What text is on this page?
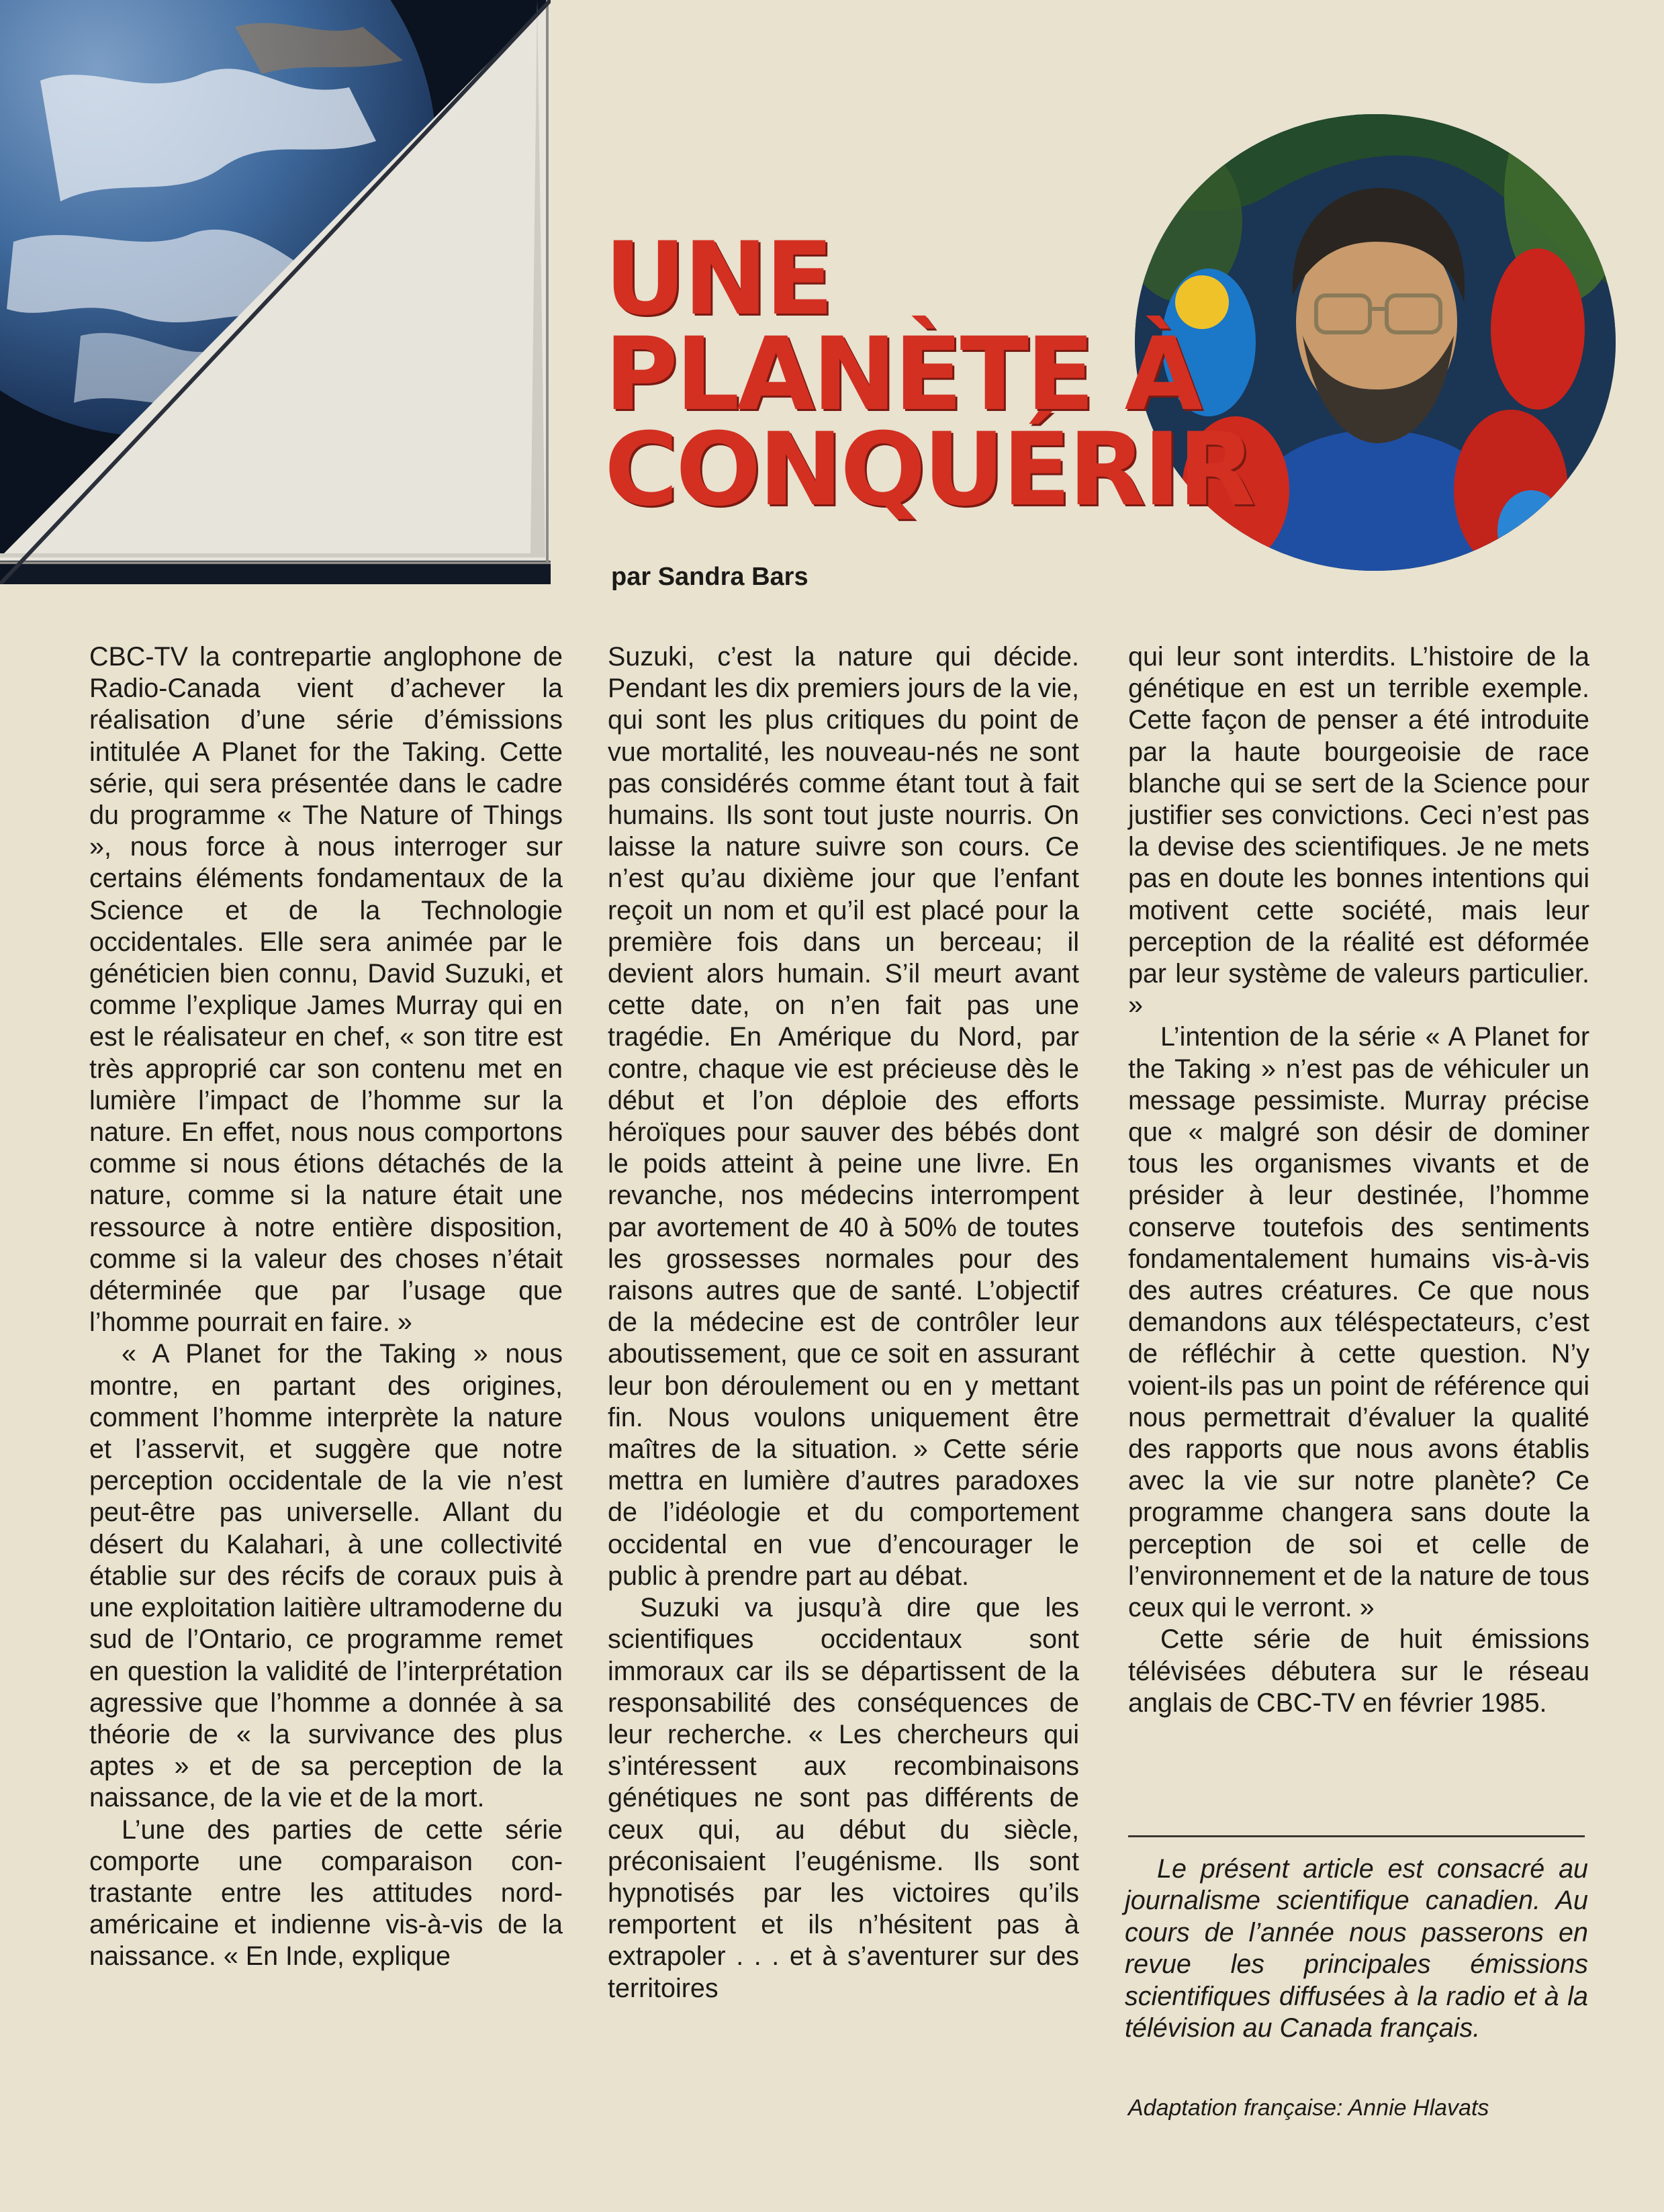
UNE
PLANÈTE À
CONQUÉRIR

par Sandra Bars

CBC-TV la contrepartie anglophone de Radio-Canada vient d’achever la réalisation d’une série d’émissions intitulée A Planet for the Taking. Cette série, qui sera présentée dans le cadre du programme « The Nature of Things », nous force à nous interroger sur certains éléments fondamentaux de la Science et de la Technologie occidentales. Elle sera animée par le généticien bien connu, David Suzuki, et comme l’explique James Murray qui en est le réalisateur en chef, « son titre est très approprié car son contenu met en lumière l’impact de l’homme sur la nature. En effet, nous nous comportons comme si nous étions détachés de la nature, comme si la nature était une ressource à notre entière disposition, comme si la valeur des choses n’était déterminée que par l’usage que l’homme pourrait en faire. »

« A Planet for the Taking » nous montre, en partant des origines, comment l’homme interprète la nature et l’asservit, et suggère que notre perception occidentale de la vie n’est peut-être pas universelle. Allant du désert du Kalahari, à une collectivité établie sur des récifs de coraux puis à une exploitation laitière ultramoderne du sud de l’Ontario, ce programme remet en question la validité de l’interprétation agressive que l’homme a donnée à sa théorie de « la survivance des plus aptes » et de sa perception de la naissance, de la vie et de la mort.

L’une des parties de cette série comporte une comparaison contrastante entre les attitudes nord-américaine et indienne vis-à-vis de la naissance. « En Inde, explique

Suzuki, c’est la nature qui décide. Pendant les dix premiers jours de la vie, qui sont les plus critiques du point de vue mortalité, les nouveau-nés ne sont pas considérés comme étant tout à fait humains. Ils sont tout juste nourris. On laisse la nature suivre son cours. Ce n’est qu’au dixième jour que l’enfant reçoit un nom et qu’il est placé pour la première fois dans un berceau; il devient alors humain. S’il meurt avant cette date, on n’en fait pas une tragédie. En Amérique du Nord, par contre, chaque vie est précieuse dès le début et l’on déploie des efforts héroïques pour sauver des bébés dont le poids atteint à peine une livre. En revanche, nos médecins interrompent par avortement de 40 à 50% de toutes les grossesses normales pour des raisons autres que de santé. L’objectif de la médecine est de contrôler leur aboutissement, que ce soit en assurant leur bon déroulement ou en y mettant fin. Nous voulons uniquement être maîtres de la situation. » Cette série mettra en lumière d’autres paradoxes de l’idéologie et du comportement occidental en vue d’encourager le public à prendre part au débat.

Suzuki va jusqu’à dire que les scientifiques occidentaux sont immoraux car ils se départissent de la responsabilité des conséquences de leur recherche. « Les chercheurs qui s’intéressent aux recombinaisons génétiques ne sont pas différents de ceux qui, au début du siècle, préconisaient l’eugénisme. Ils sont hypnotisés par les victoires qu’ils remportent et ils n’hésitent pas à extrapoler . . . et à s’aventurer sur des territoires

qui leur sont interdits. L’histoire de la génétique en est un terrible exemple. Cette façon de penser a été introduite par la haute bourgeoisie de race blanche qui se sert de la Science pour justifier ses convictions. Ceci n’est pas la devise des scientifiques. Je ne mets pas en doute les bonnes intentions qui motivent cette société, mais leur perception de la réalité est déformée par leur système de valeurs particulier. »

L’intention de la série « A Planet for the Taking » n’est pas de véhiculer un message pessimiste. Murray précise que « malgré son désir de dominer tous les organismes vivants et de présider à leur destinée, l’homme conserve toutefois des sentiments fondamentalement humains vis-à-vis des autres créatures. Ce que nous demandons aux téléspectateurs, c’est de réfléchir à cette question. N’y voient-ils pas un point de référence qui nous permettrait d’évaluer la qualité des rapports que nous avons établis avec la vie sur notre planète? Ce programme changera sans doute la perception de soi et celle de l’environnement et de la nature de tous ceux qui le verront. »

Cette série de huit émissions télévisées débutera sur le réseau anglais de CBC-TV en février 1985.

Le présent article est consacré au journalisme scientifique canadien. Au cours de l’année nous passerons en revue les principales émissions scientifiques diffusées à la radio et à la télévision au Canada français.

Adaptation française: Annie Hlavats
